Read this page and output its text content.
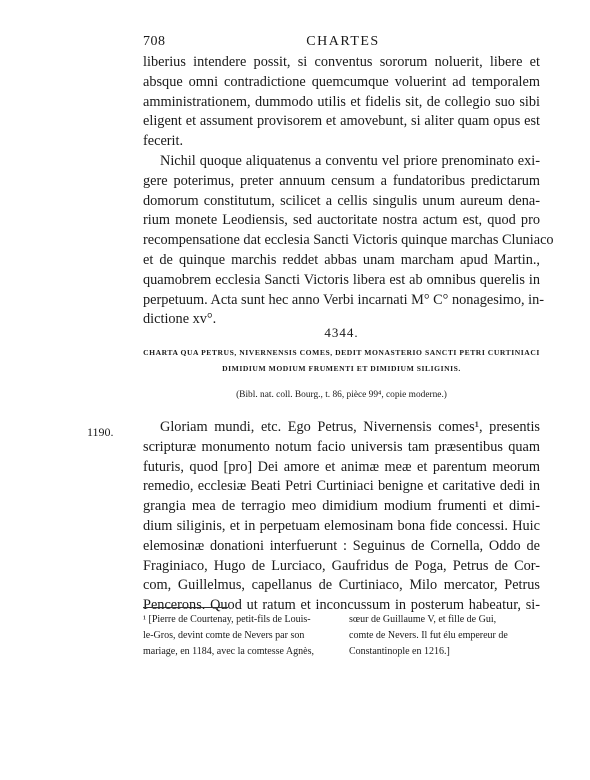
708	CHARTES
liberius intendere possit, si conventus sororum noluerit, libere et
absque omni contradictione quemcumque voluerint ad temporalem
amministrationem, dummodo utilis et fidelis sit, de collegio suo sibi
eligent et assument provisorem et amovebunt, si aliter quam opus est
fecerit.
Nichil quoque aliquatenus a conventu vel priore prenominato exi-
gere poterimus, preter annuum censum a fundatoribus predictarum
domorum constitutum, scilicet a cellis singulis unum aureum dena-
rium monete Leodiensis, sed auctoritate nostra actum est, quod pro
recompensatione dat ecclesia Sancti Victoris quinque marchas Cluniaco
et de quinque marchis reddet abbas unam marcham apud Martin.,
quamobrem ecclesia Sancti Victoris libera est ab omnibus querelis in
perpetuum. Acta sunt hec anno Verbi incarnati M° C° nonagesimo, in-
dictione xv°.
4344.
CHARTA QUA PETRUS, NIVERNENSIS COMES, DEDIT MONASTERIO SANCTI PETRI CURTINIACI
DIMIDIUM MODIUM FRUMENTI ET DIMIDIUM SILIGINIS.
(Bibl. nat. coll. Bourg., t. 86, pièce 99⁴, copie moderne.)
1190.	Gloriam mundi, etc. Ego Petrus, Nivernensis comes¹, presentis
scripturæ monumento notum facio universis tam præsentibus quam
futuris, quod [pro] Dei amore et animæ meæ et parentum meorum
remedio, ecclesiæ Beati Petri Curtiniaci benigne et caritative dedi in
grangia mea de terragio meo dimidium modium frumenti et dimi-
dium siliginis, et in perpetuam elemosinam bona fide concessi. Huic
elemosinæ donationi interfuerunt : Seguinus de Cornella, Oddo de
Fraginiaco, Hugo de Lurciaco, Gaufridus de Poga, Petrus de Cor-
com, Guillelmus, capellanus de Curtiniaco, Milo mercator, Petrus
Pencerons. Quod ut ratum et inconcussum in posterum habeatur, si-
¹ [Pierre de Courtenay, petit-fils de Louis-
le-Gros, devint comte de Nevers par son
mariage, en 1184, avec la comtesse Agnès,
sœur de Guillaume V, et fille de Gui,
comte de Nevers. Il fut élu empereur de
Constantinople en 1216.]
